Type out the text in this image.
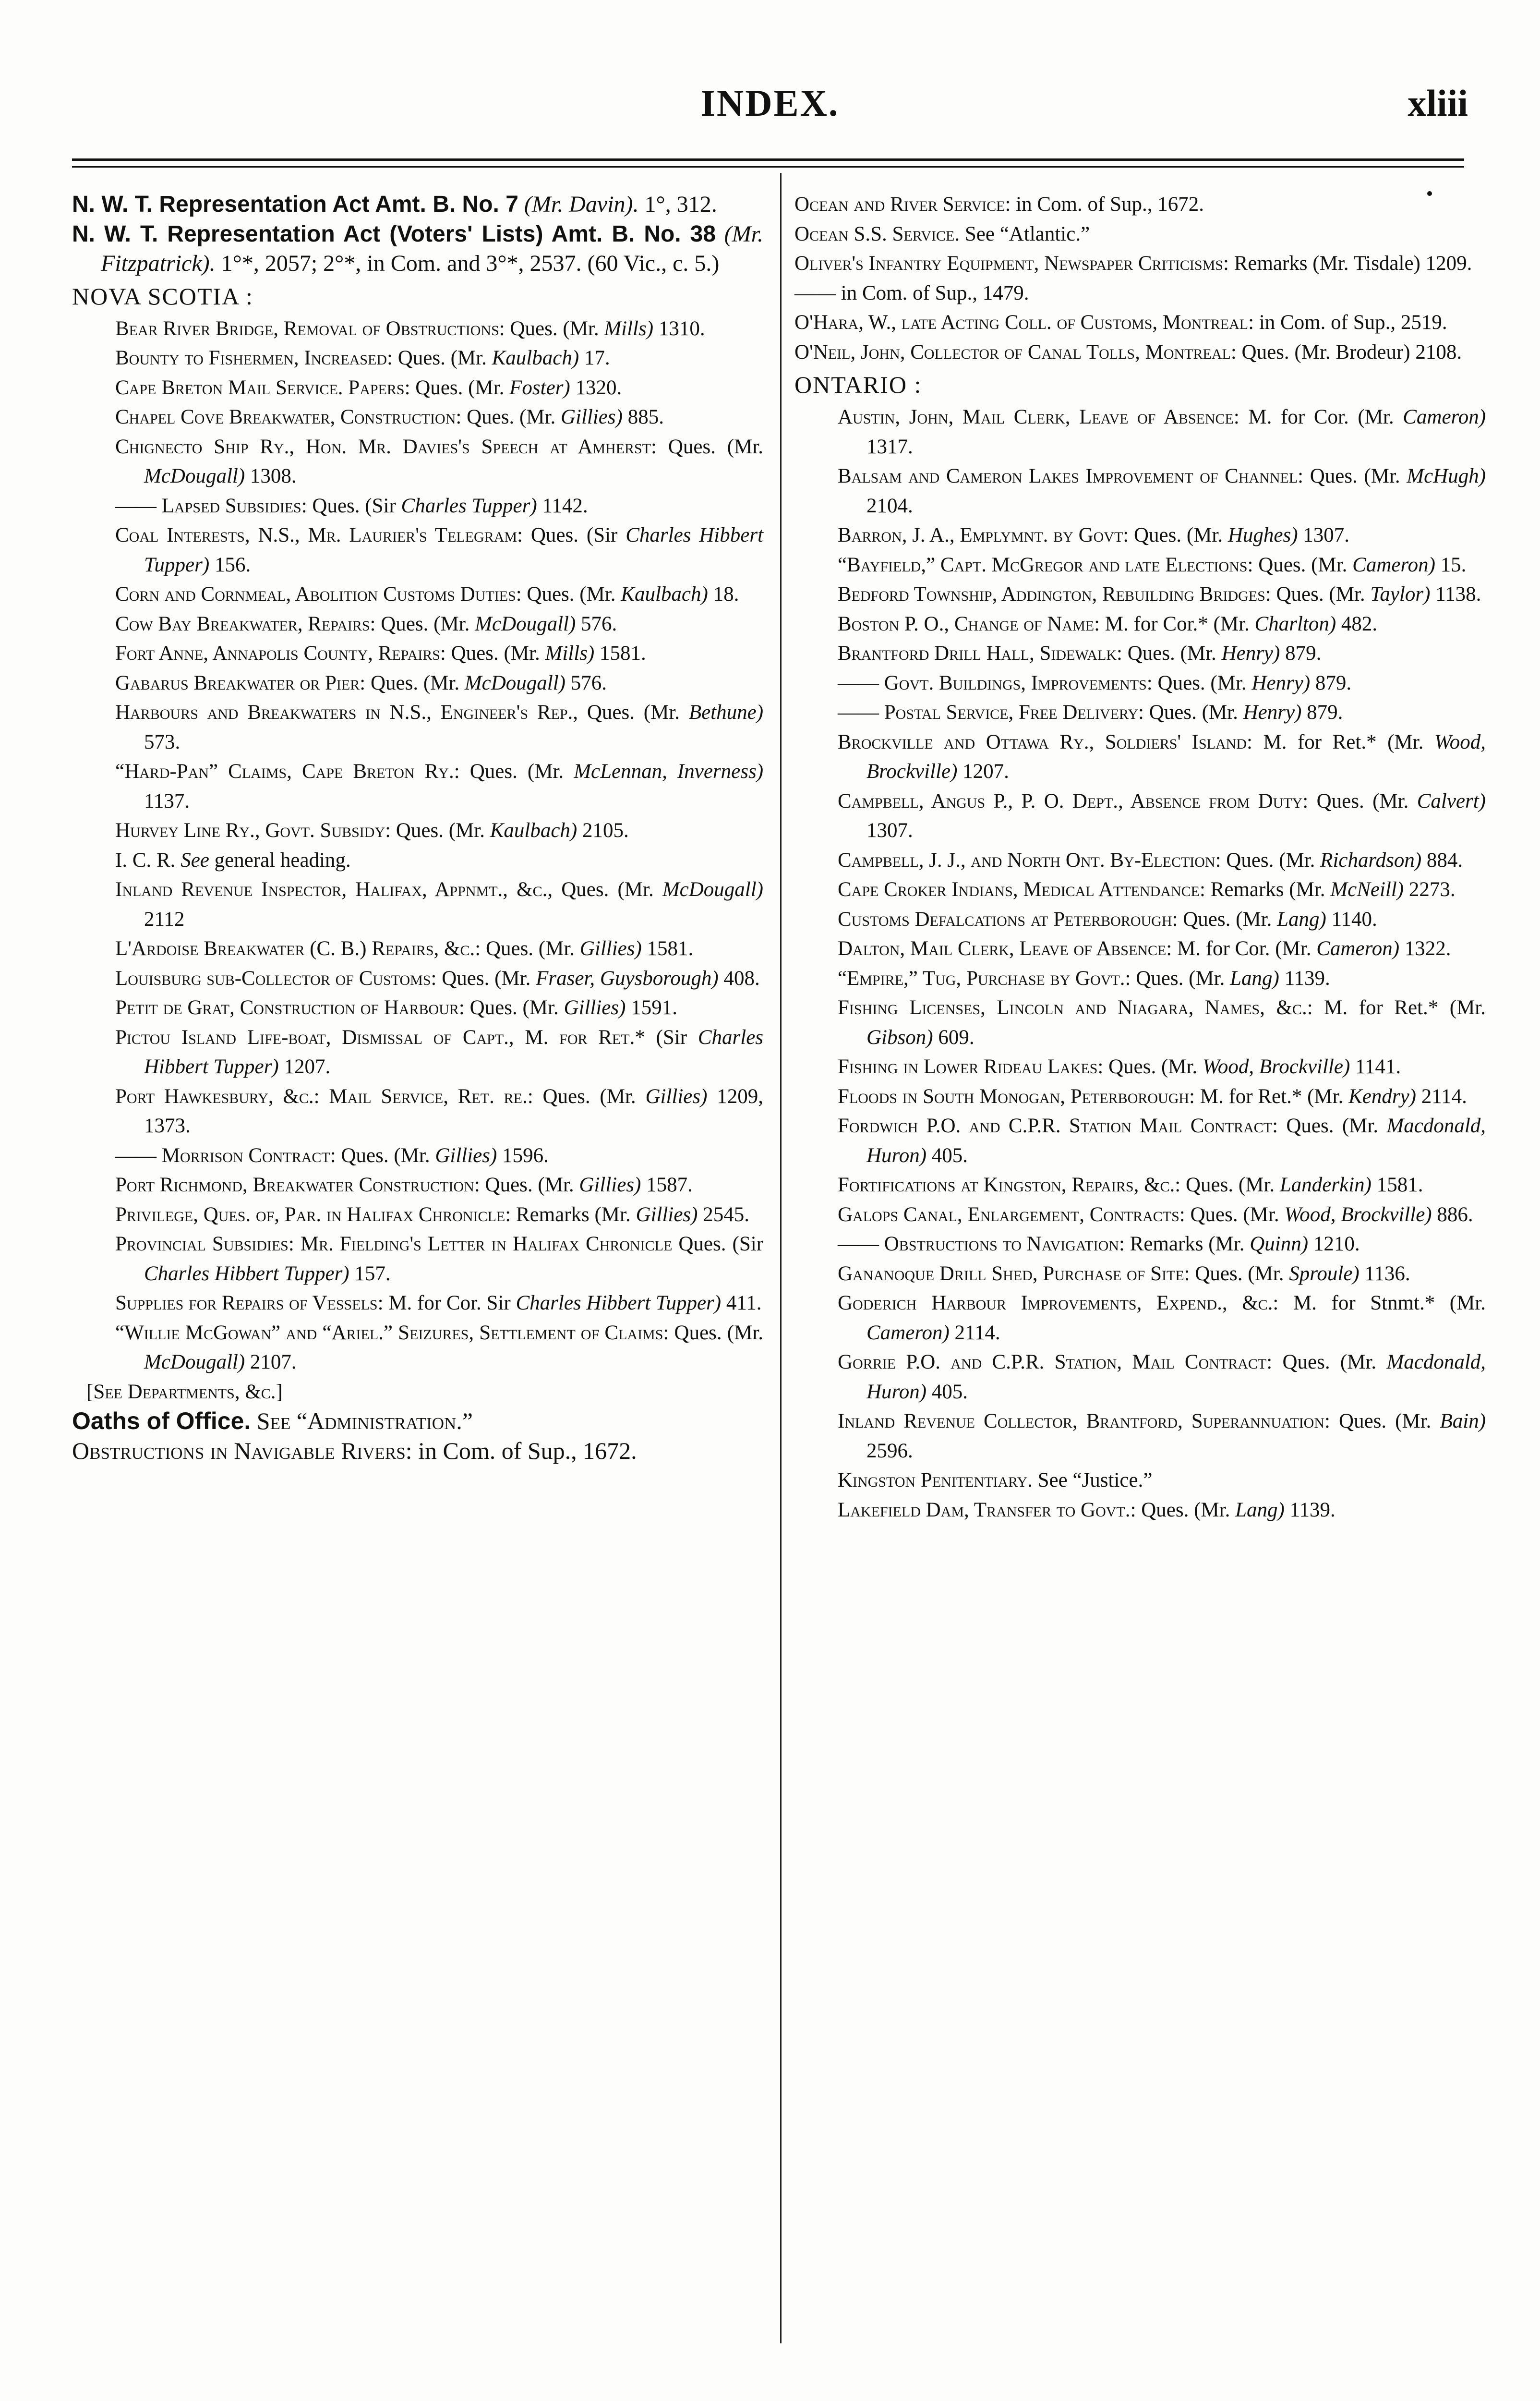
INDEX.	xliii

N. W. T. Representation Act Amt. B. No. 7 (Mr. Davin). 1°, 312.

N. W. T. Representation Act (Voters' Lists) Amt. B. No. 38 (Mr. Fitzpatrick). 1°*, 2057; 2°*, in Com. and 3°*, 2537. (60 Vic., c. 5.)

NOVA SCOTIA :

Bear River Bridge, Removal of Obstructions: Ques. (Mr. Mills) 1310.

Bounty to Fishermen, Increased: Ques. (Mr. Kaulbach) 17.

Cape Breton Mail Service. Papers: Ques. (Mr. Foster) 1320.

Chapel Cove Breakwater, Construction: Ques. (Mr. Gillies) 885.

Chignecto Ship Ry., Hon. Mr. Davies's Speech at Amherst: Ques. (Mr. McDougall) 1308.

—— Lapsed Subsidies: Ques. (Sir Charles Tupper) 1142.

Coal Interests, N.S., Mr. Laurier's Telegram: Ques. (Sir Charles Hibbert Tupper) 156.

Corn and Cornmeal, Abolition Customs Duties: Ques. (Mr. Kaulbach) 18.

Cow Bay Breakwater, Repairs: Ques. (Mr. McDougall) 576.

Fort Anne, Annapolis County, Repairs: Ques. (Mr. Mills) 1581.

Gabarus Breakwater or Pier: Ques. (Mr. McDougall) 576.

Harbours and Breakwaters in N.S., Engineer's Rep., Ques. (Mr. Bethune) 573.

“Hard-Pan” Claims, Cape Breton Ry.: Ques. (Mr. McLennan, Inverness) 1137.

Hurvey Line Ry., Govt. Subsidy: Ques. (Mr. Kaulbach) 2105.

I. C. R. See general heading.

Inland Revenue Inspector, Halifax, Appnmt., &c., Ques. (Mr. McDougall) 2112

L'Ardoise Breakwater (C. B.) Repairs, &c.: Ques. (Mr. Gillies) 1581.

Louisburg sub-Collector of Customs: Ques. (Mr. Fraser, Guysborough) 408.

Petit de Grat, Construction of Harbour: Ques. (Mr. Gillies) 1591.

Pictou Island Life-boat, Dismissal of Capt., M. for Ret.* (Sir Charles Hibbert Tupper) 1207.

Port Hawkesbury, &c.: Mail Service, Ret. re.: Ques. (Mr. Gillies) 1209, 1373.

—— Morrison Contract: Ques. (Mr. Gillies) 1596.

Port Richmond, Breakwater Construction: Ques. (Mr. Gillies) 1587.

Privilege, Ques. of, Par. in Halifax Chronicle: Remarks (Mr. Gillies) 2545.

Provincial Subsidies: Mr. Fielding's Letter in Halifax Chronicle Ques. (Sir Charles Hibbert Tupper) 157.

Supplies for Repairs of Vessels: M. for Cor. Sir Charles Hibbert Tupper) 411.

“Willie McGowan” and “Ariel.” Seizures, Settlement of Claims: Ques. (Mr. McDougall) 2107.

[See Departments, &c.]

Oaths of Office. See “Administration.”

Obstructions in Navigable Rivers: in Com. of Sup., 1672.

Ocean and River Service: in Com. of Sup., 1672.

Ocean S.S. Service. See “Atlantic.”

Oliver's Infantry Equipment, Newspaper Criticisms: Remarks (Mr. Tisdale) 1209.

—— in Com. of Sup., 1479.

O'Hara, W., late Acting Coll. of Customs, Montreal: in Com. of Sup., 2519.

O'Neil, John, Collector of Canal Tolls, Montreal: Ques. (Mr. Brodeur) 2108.

ONTARIO :

Austin, John, Mail Clerk, Leave of Absence: M. for Cor. (Mr. Cameron) 1317.

Balsam and Cameron Lakes Improvement of Channel: Ques. (Mr. McHugh) 2104.

Barron, J. A., Emplymnt. by Govt: Ques. (Mr. Hughes) 1307.

“Bayfield,” Capt. McGregor and late Elections: Ques. (Mr. Cameron) 15.

Bedford Township, Addington, Rebuilding Bridges: Ques. (Mr. Taylor) 1138.

Boston P. O., Change of Name: M. for Cor.* (Mr. Charlton) 482.

Brantford Drill Hall, Sidewalk: Ques. (Mr. Henry) 879.

—— Govt. Buildings, Improvements: Ques. (Mr. Henry) 879.

—— Postal Service, Free Delivery: Ques. (Mr. Henry) 879.

Brockville and Ottawa Ry., Soldiers' Island: M. for Ret.* (Mr. Wood, Brockville) 1207.

Campbell, Angus P., P. O. Dept., Absence from Duty: Ques. (Mr. Calvert) 1307.

Campbell, J. J., and North Ont. By-Election: Ques. (Mr. Richardson) 884.

Cape Croker Indians, Medical Attendance: Remarks (Mr. McNeill) 2273.

Customs Defalcations at Peterborough: Ques. (Mr. Lang) 1140.

Dalton, Mail Clerk, Leave of Absence: M. for Cor. (Mr. Cameron) 1322.

“Empire,” Tug, Purchase by Govt.: Ques. (Mr. Lang) 1139.

Fishing Licenses, Lincoln and Niagara, Names, &c.: M. for Ret.* (Mr. Gibson) 609.

Fishing in Lower Rideau Lakes: Ques. (Mr. Wood, Brockville) 1141.

Floods in South Monogan, Peterborough: M. for Ret.* (Mr. Kendry) 2114.

Fordwich P.O. and C.P.R. Station Mail Contract: Ques. (Mr. Macdonald, Huron) 405.

Fortifications at Kingston, Repairs, &c.: Ques. (Mr. Landerkin) 1581.

Galops Canal, Enlargement, Contracts: Ques. (Mr. Wood, Brockville) 886.

—— Obstructions to Navigation: Remarks (Mr. Quinn) 1210.

Gananoque Drill Shed, Purchase of Site: Ques. (Mr. Sproule) 1136.

Goderich Harbour Improvements, Expend., &c.: M. for Stnmt.* (Mr. Cameron) 2114.

Gorrie P.O. and C.P.R. Station, Mail Contract: Ques. (Mr. Macdonald, Huron) 405.

Inland Revenue Collector, Brantford, Superannuation: Ques. (Mr. Bain) 2596.

Kingston Penitentiary. See “Justice.”

Lakefield Dam, Transfer to Govt.: Ques. (Mr. Lang) 1139.
